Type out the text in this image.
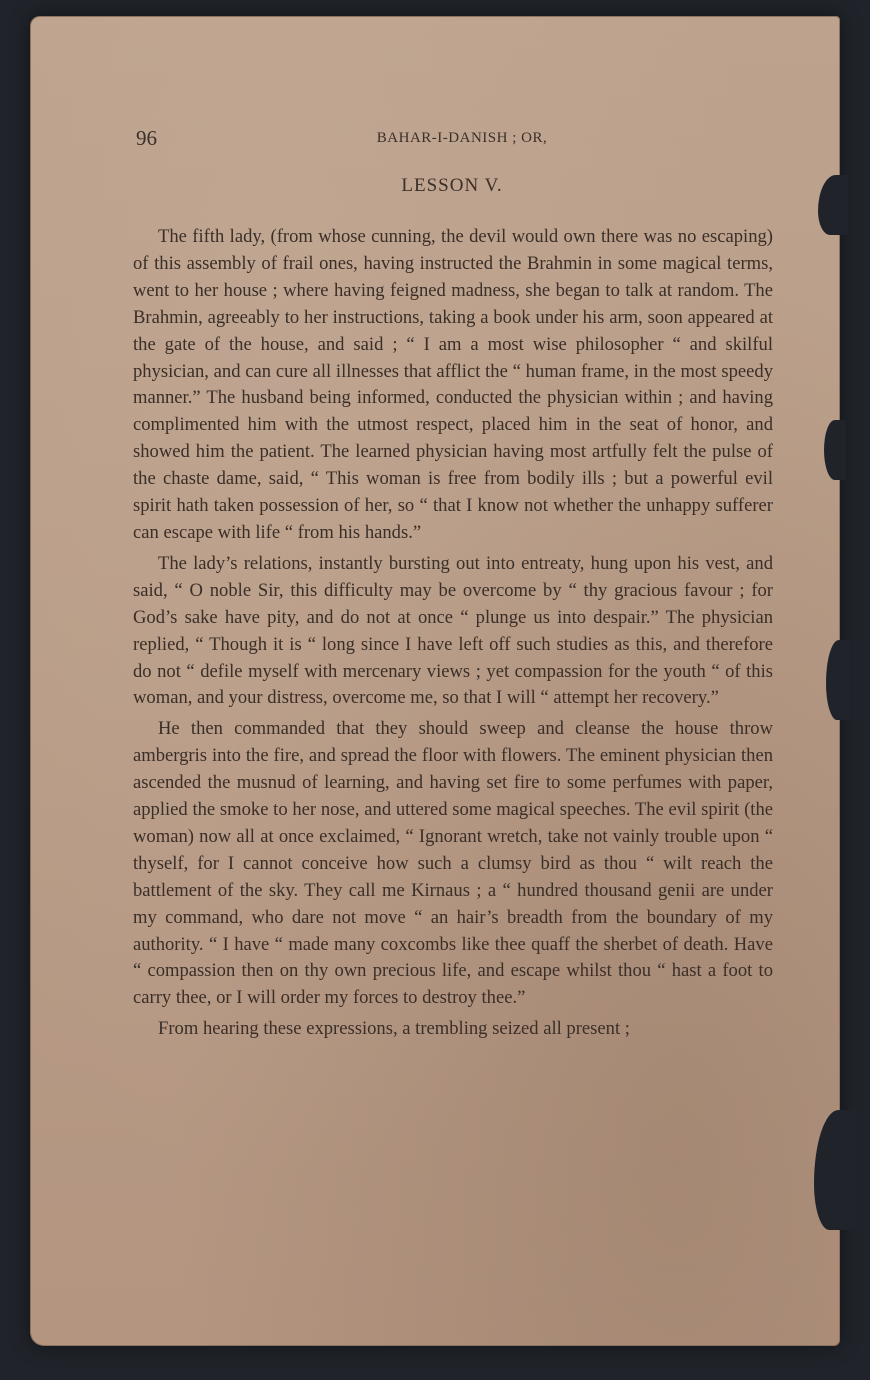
96	BAHAR-I-DANISH ; OR,
LESSON V.

The fifth lady, (from whose cunning, the devil would own there was no escaping) of this assembly of frail ones, having instructed the Brahmin in some magical terms, went to her house ; where having feigned madness, she began to talk at random. The Brahmin, agreeably to her instructions, taking a book under his arm, soon appeared at the gate of the house, and said ; “ I am a most wise philosopher “ and skilful physician, and can cure all illnesses that afflict the “ human frame, in the most speedy manner.” The husband being informed, conducted the physician within ; and having complimented him with the utmost respect, placed him in the seat of honor, and showed him the patient. The learned physician having most artfully felt the pulse of the chaste dame, said, “ This woman is free from bodily ills ; but a powerful evil spirit hath taken possession of her, so “ that I know not whether the unhappy sufferer can escape with life “ from his hands.”

The lady’s relations, instantly bursting out into entreaty, hung upon his vest, and said, “ O noble Sir, this difficulty may be overcome by “ thy gracious favour ; for God’s sake have pity, and do not at once “ plunge us into despair.” The physician replied, “ Though it is “ long since I have left off such studies as this, and therefore do not “ defile myself with mercenary views ; yet compassion for the youth “ of this woman, and your distress, overcome me, so that I will “ attempt her recovery.”

He then commanded that they should sweep and cleanse the house throw ambergris into the fire, and spread the floor with flowers. The eminent physician then ascended the musnud of learning, and having set fire to some perfumes with paper, applied the smoke to her nose, and uttered some magical speeches. The evil spirit (the woman) now all at once exclaimed, “ Ignorant wretch, take not vainly trouble upon “ thyself, for I cannot conceive how such a clumsy bird as thou “ wilt reach the battlement of the sky. They call me Kirnaus ; a “ hundred thousand genii are under my command, who dare not move “ an hair’s breadth from the boundary of my authority. “ I have “ made many coxcombs like thee quaff the sherbet of death. Have “ compassion then on thy own precious life, and escape whilst thou “ hast a foot to carry thee, or I will order my forces to destroy thee.”

From hearing these expressions, a trembling seized all present ;
